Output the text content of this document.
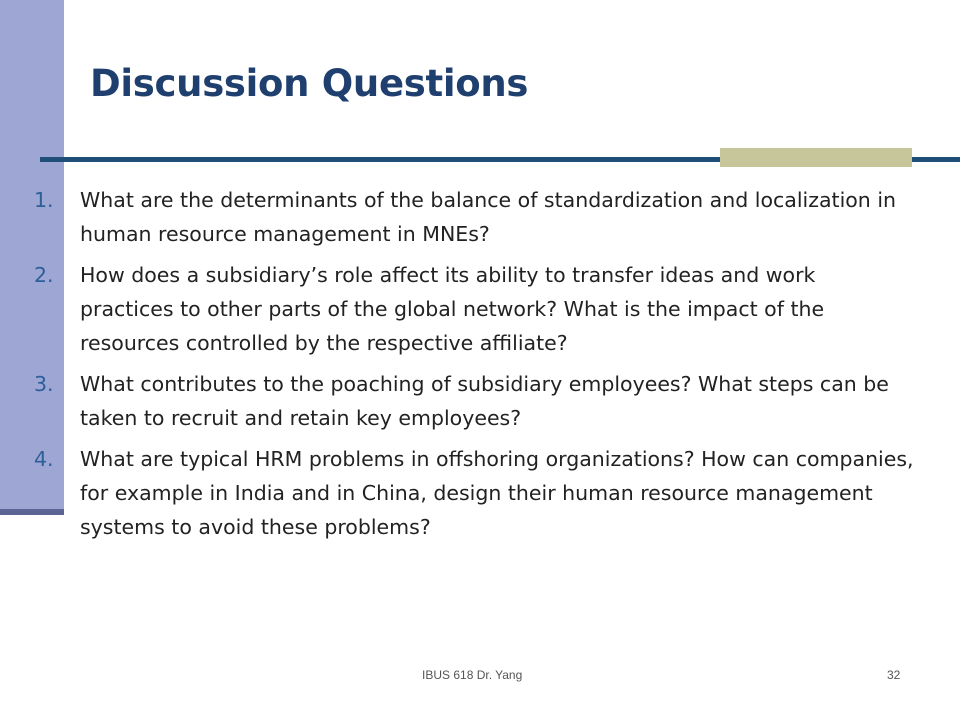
Discussion Questions
1. What are the determinants of the balance of standardization and localization in human resource management in MNEs?
2. How does a subsidiary’s role affect its ability to transfer ideas and work practices to other parts of the global network? What is the impact of the resources controlled by the respective affiliate?
3. What contributes to the poaching of subsidiary employees? What steps can be taken to recruit and retain key employees?
4. What are typical HRM problems in offshoring organizations? How can companies, for example in India and in China, design their human resource management systems to avoid these problems?
IBUS 618 Dr. Yang	32
